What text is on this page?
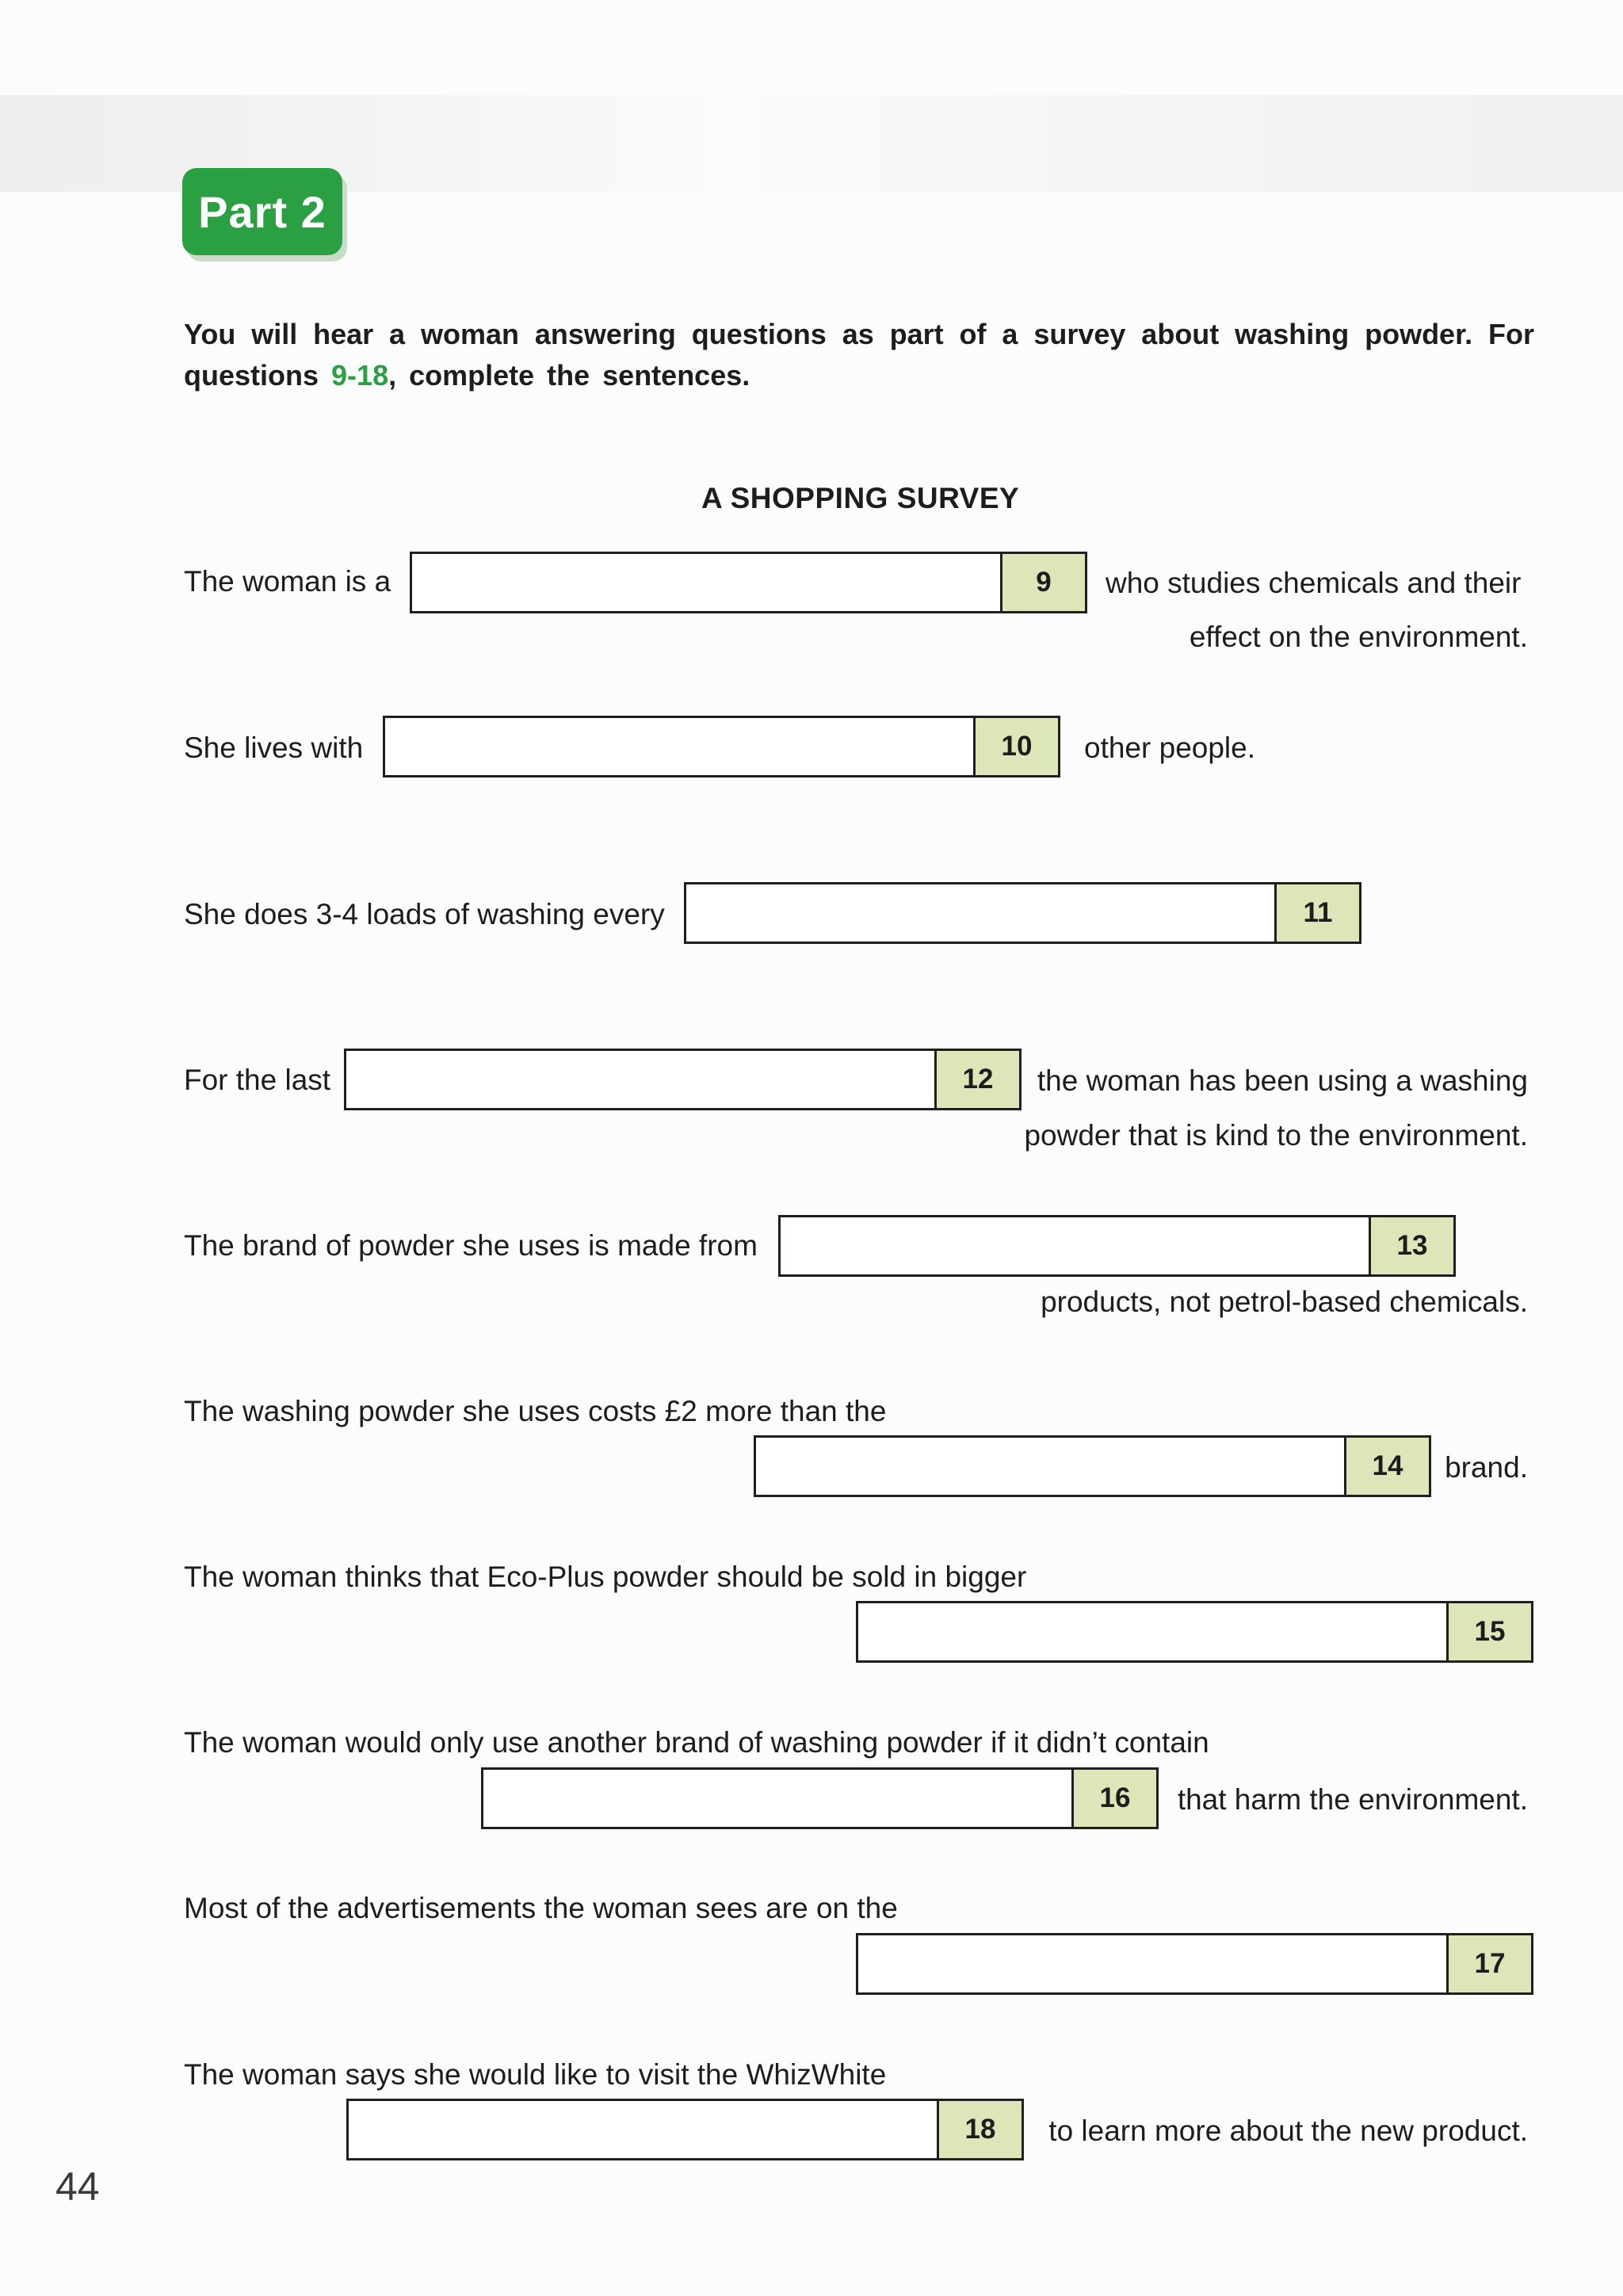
Part 2
You will hear a woman answering questions as part of a survey about washing powder. For questions 9-18, complete the sentences.
A SHOPPING SURVEY
The woman is a	9	who studies chemicals and their
effect on the environment.
She lives with	10	other people.
She does 3-4 loads of washing every	11
For the last	12	the woman has been using a washing
powder that is kind to the environment.
The brand of powder she uses is made from	13
products, not petrol-based chemicals.
The washing powder she uses costs £2 more than the
14	brand.
The woman thinks that Eco-Plus powder should be sold in bigger
15
The woman would only use another brand of washing powder if it didn’t contain
16	that harm the environment.
Most of the advertisements the woman sees are on the
17
The woman says she would like to visit the WhizWhite
18	to learn more about the new product.
44
